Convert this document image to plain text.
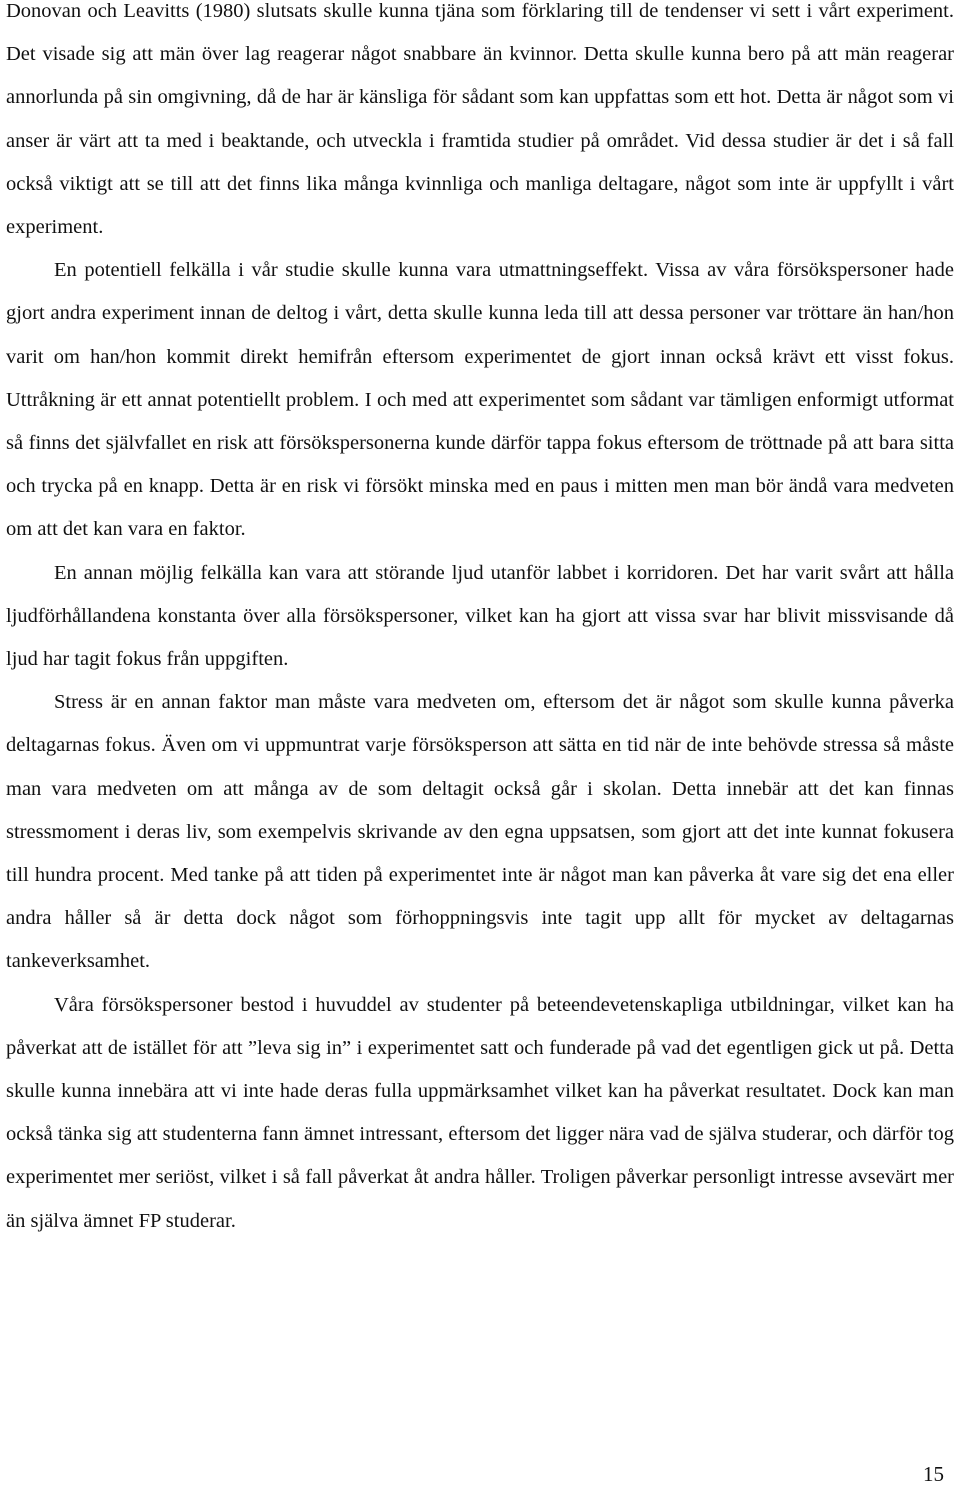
Donovan och Leavitts (1980) slutsats skulle kunna tjäna som förklaring till de tendenser vi sett i vårt experiment. Det visade sig att män över lag reagerar något snabbare än kvinnor. Detta skulle kunna bero på att män reagerar annorlunda på sin omgivning, då de har är känsliga för sådant som kan uppfattas som ett hot. Detta är något som vi anser är värt att ta med i beaktande, och utveckla i framtida studier på området. Vid dessa studier är det i så fall också viktigt att se till att det finns lika många kvinnliga och manliga deltagare, något som inte är uppfyllt i vårt experiment.

En potentiell felkälla i vår studie skulle kunna vara utmattningseffekt. Vissa av våra försökspersoner hade gjort andra experiment innan de deltog i vårt, detta skulle kunna leda till att dessa personer var tröttare än han/hon varit om han/hon kommit direkt hemifrån eftersom experimentet de gjort innan också krävt ett visst fokus. Uttråkning är ett annat potentiellt problem. I och med att experimentet som sådant var tämligen enformigt utformat så finns det självfallet en risk att försökspersonerna kunde därför tappa fokus eftersom de tröttnade på att bara sitta och trycka på en knapp. Detta är en risk vi försökt minska med en paus i mitten men man bör ändå vara medveten om att det kan vara en faktor.

En annan möjlig felkälla kan vara att störande ljud utanför labbet i korridoren. Det har varit svårt att hålla ljudförhållandena konstanta över alla försökspersoner, vilket kan ha gjort att vissa svar har blivit missvisande då ljud har tagit fokus från uppgiften.

Stress är en annan faktor man måste vara medveten om, eftersom det är något som skulle kunna påverka deltagarnas fokus. Även om vi uppmuntrat varje försöksperson att sätta en tid när de inte behövde stressa så måste man vara medveten om att många av de som deltagit också går i skolan. Detta innebär att det kan finnas stressmoment i deras liv, som exempelvis skrivande av den egna uppsatsen, som gjort att det inte kunnat fokusera till hundra procent. Med tanke på att tiden på experimentet inte är något man kan påverka åt vare sig det ena eller andra håller så är detta dock något som förhoppningsvis inte tagit upp allt för mycket av deltagarnas tankeverksamhet.

Våra försökspersoner bestod i huvuddel av studenter på beteendevetenskapliga utbildningar, vilket kan ha påverkat att de istället för att ”leva sig in” i experimentet satt och funderade på vad det egentligen gick ut på. Detta skulle kunna innebära att vi inte hade deras fulla uppmärksamhet vilket kan ha påverkat resultatet. Dock kan man också tänka sig att studenterna fann ämnet intressant, eftersom det ligger nära vad de själva studerar, och därför tog experimentet mer seriöst, vilket i så fall påverkat åt andra håller. Troligen påverkar personligt intresse avsevärt mer än själva ämnet FP studerar.

15
